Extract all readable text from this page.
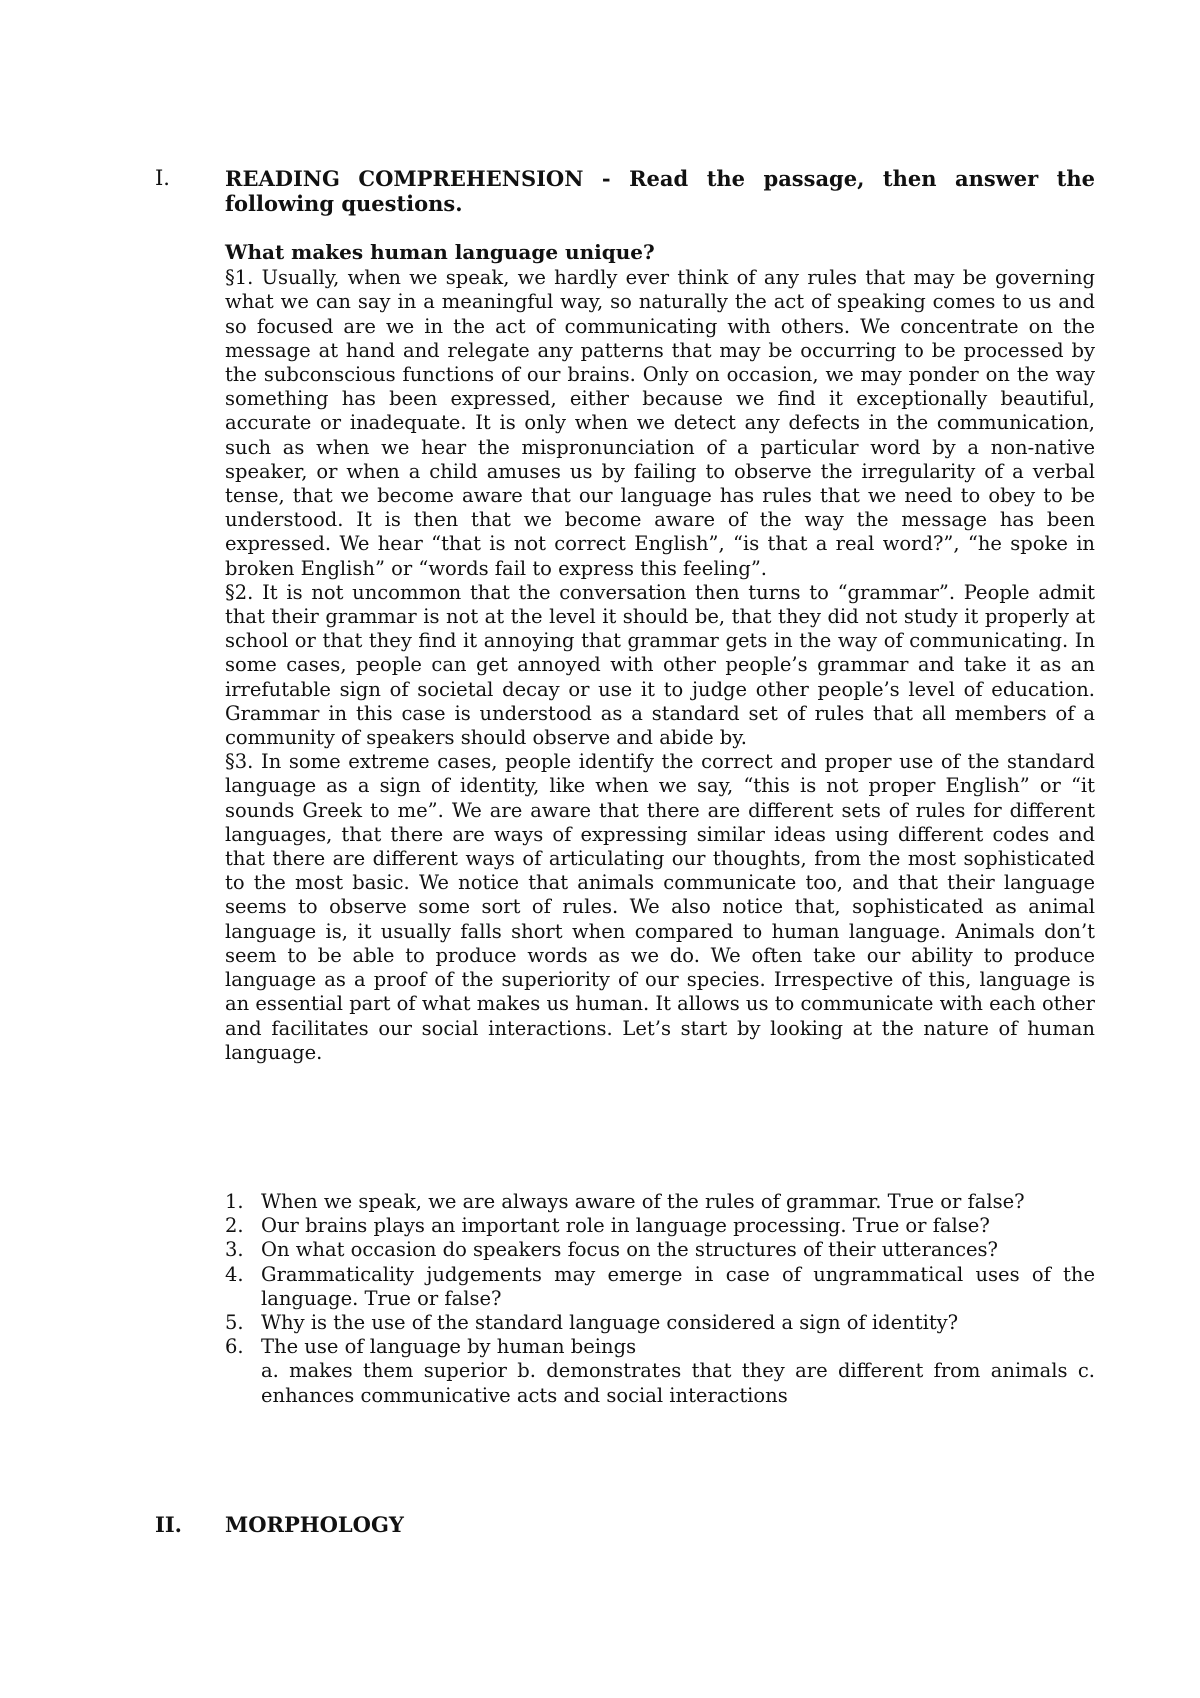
I.	READING COMPREHENSION - Read the passage, then answer the following questions.

What makes human language unique?

§1. Usually, when we speak, we hardly ever think of any rules that may be governing what we can say in a meaningful way, so naturally the act of speaking comes to us and so focused are we in the act of communicating with others. We concentrate on the message at hand and relegate any patterns that may be occurring to be processed by the subconscious functions of our brains. Only on occasion, we may ponder on the way something has been expressed, either because we find it exceptionally beautiful, accurate or inadequate. It is only when we detect any defects in the communication, such as when we hear the mispronunciation of a particular word by a non-native speaker, or when a child amuses us by failing to observe the irregularity of a verbal tense, that we become aware that our language has rules that we need to obey to be understood. It is then that we become aware of the way the message has been expressed. We hear “that is not correct English”, “is that a real word?”, “he spoke in broken English” or “words fail to express this feeling”.

§2. It is not uncommon that the conversation then turns to “grammar”. People admit that their grammar is not at the level it should be, that they did not study it properly at school or that they find it annoying that grammar gets in the way of communicating. In some cases, people can get annoyed with other people’s grammar and take it as an irrefutable sign of societal decay or use it to judge other people’s level of education. Grammar in this case is understood as a standard set of rules that all members of a community of speakers should observe and abide by.

§3. In some extreme cases, people identify the correct and proper use of the standard language as a sign of identity, like when we say, “this is not proper English” or “it sounds Greek to me”. We are aware that there are different sets of rules for different languages, that there are ways of expressing similar ideas using different codes and that there are different ways of articulating our thoughts, from the most sophisticated to the most basic. We notice that animals communicate too, and that their language seems to observe some sort of rules. We also notice that, sophisticated as animal language is, it usually falls short when compared to human language. Animals don’t seem to be able to produce words as we do. We often take our ability to produce language as a proof of the superiority of our species. Irrespective of this, language is an essential part of what makes us human. It allows us to communicate with each other and facilitates our social interactions. Let’s start by looking at the nature of human language.

1. When we speak, we are always aware of the rules of grammar. True or false?
2. Our brains plays an important role in language processing. True or false?
3. On what occasion do speakers focus on the structures of their utterances?
4. Grammaticality judgements may emerge in case of ungrammatical uses of the language. True or false?
5. Why is the use of the standard language considered a sign of identity?
6. The use of language by human beings

a. makes them superior b. demonstrates that they are different from animals c. enhances communicative acts and social interactions

II. MORPHOLOGY
